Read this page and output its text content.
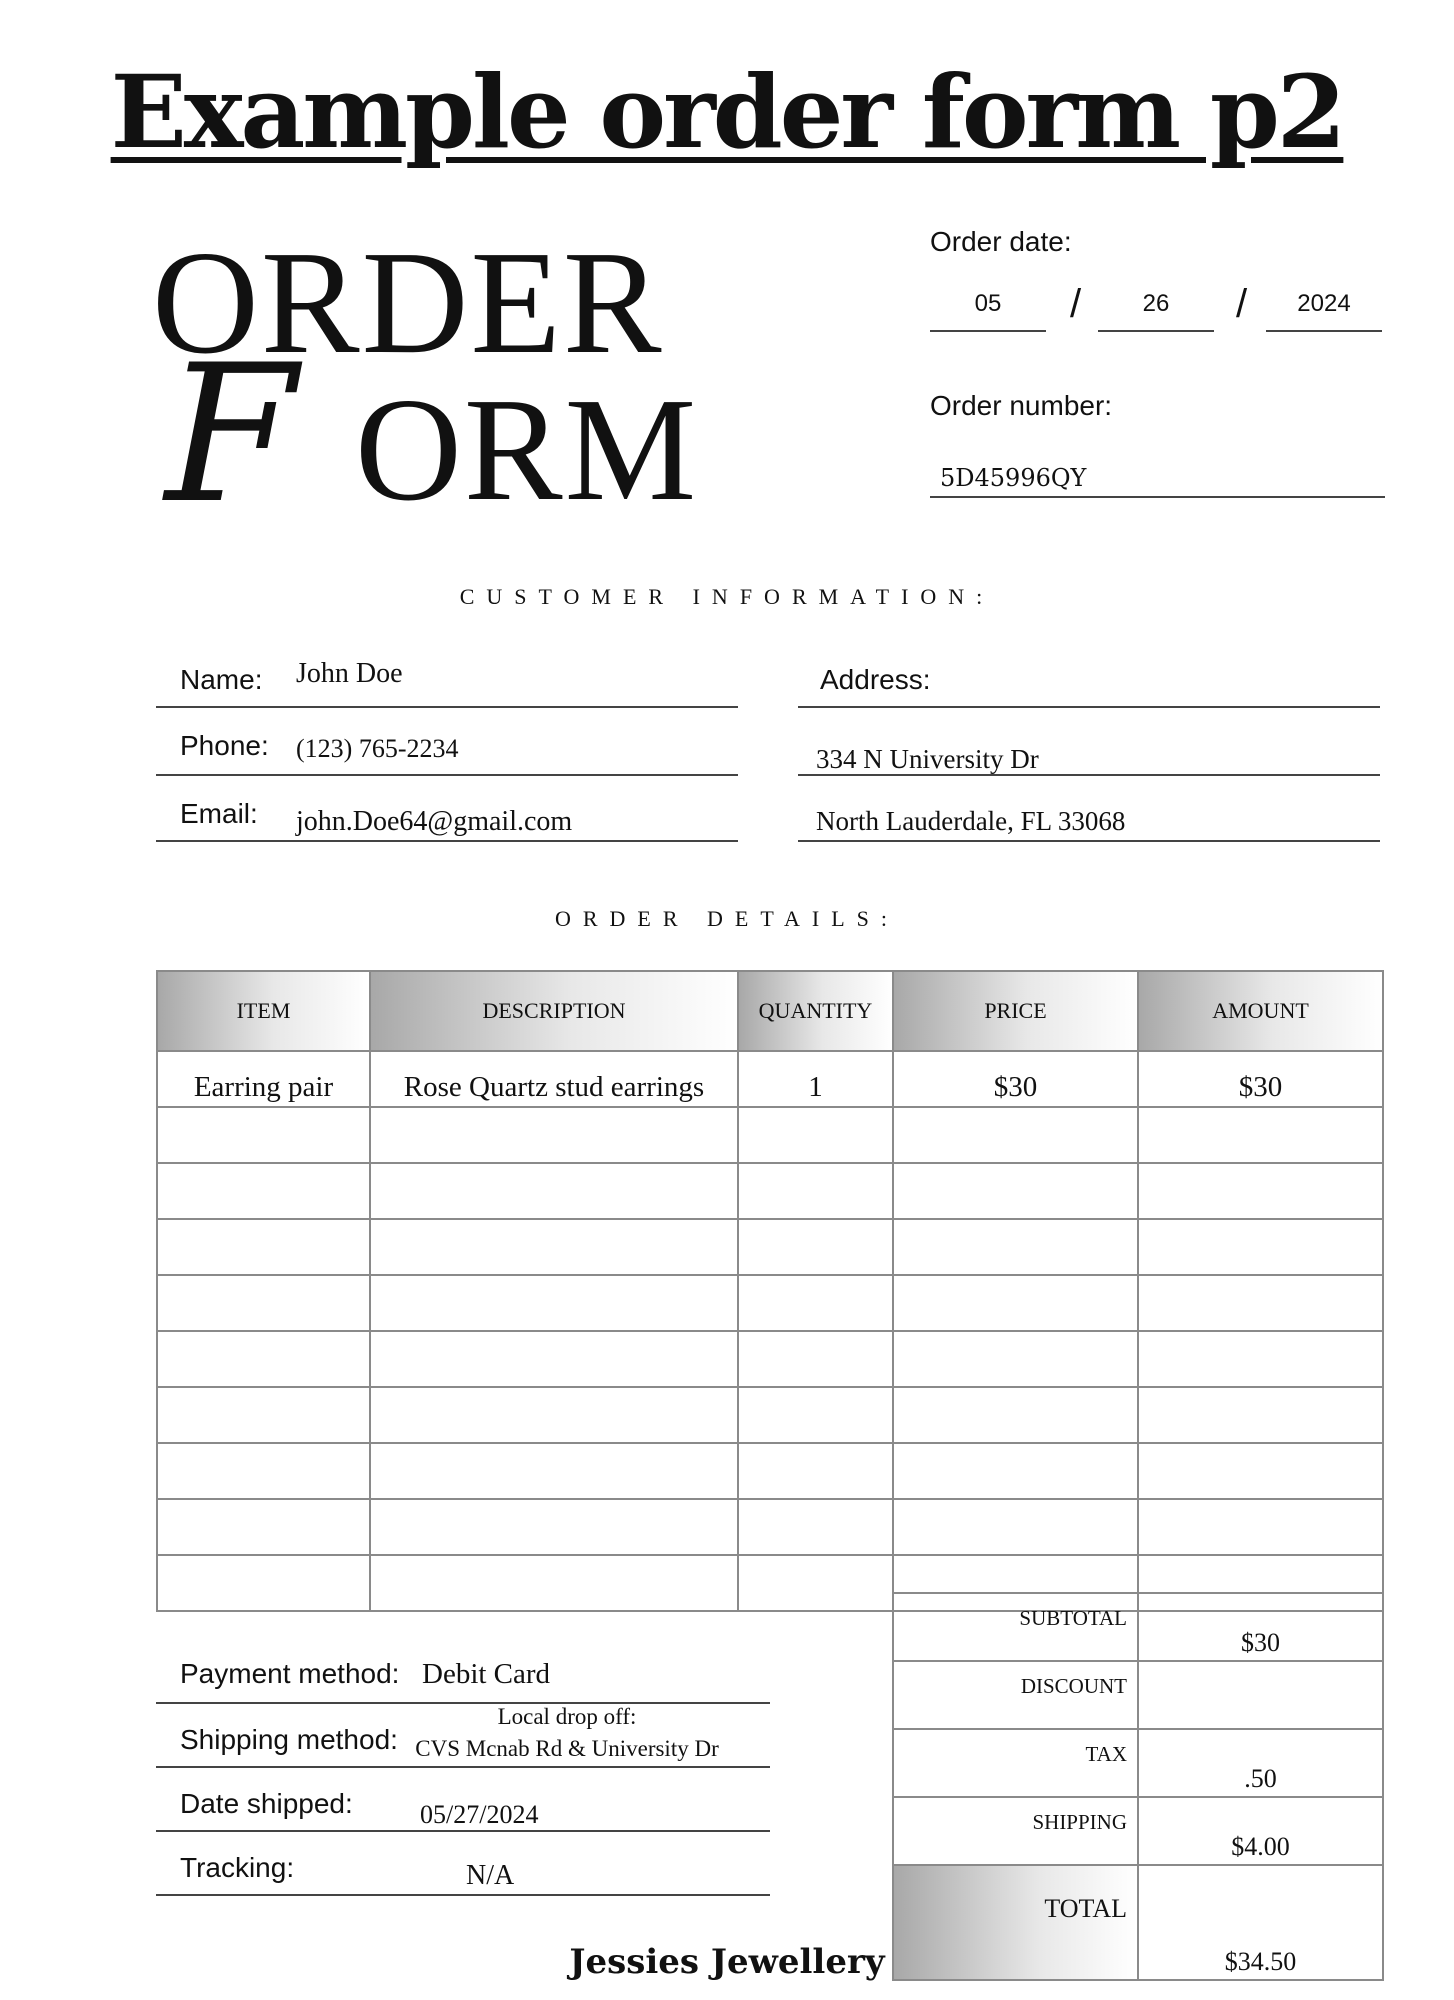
Example order form p2
ORDER
F ORM
Order date:
05	/	26	/	2024
Order number:
5D45996QY
CUSTOMER INFORMATION:
Name: John Doe
Phone: (123) 765-2234
Email: john.Doe64@gmail.com
Address:
334 N University Dr
North Lauderdale, FL 33068
ORDER DETAILS:
ITEM	DESCRIPTION	QUANTITY	PRICE	AMOUNT
Earring pair	Rose Quartz stud earrings	1	$30	$30

Payment method: Debit Card
Shipping method:
Local drop off:
CVS Mcnab Rd & University Dr
Date shipped:	05/27/2024
Tracking:	N/A
SUBTOTAL	$30
DISCOUNT	
TAX	.50
SHIPPING	$4.00
TOTAL	$34.50
Jessies Jewellery
